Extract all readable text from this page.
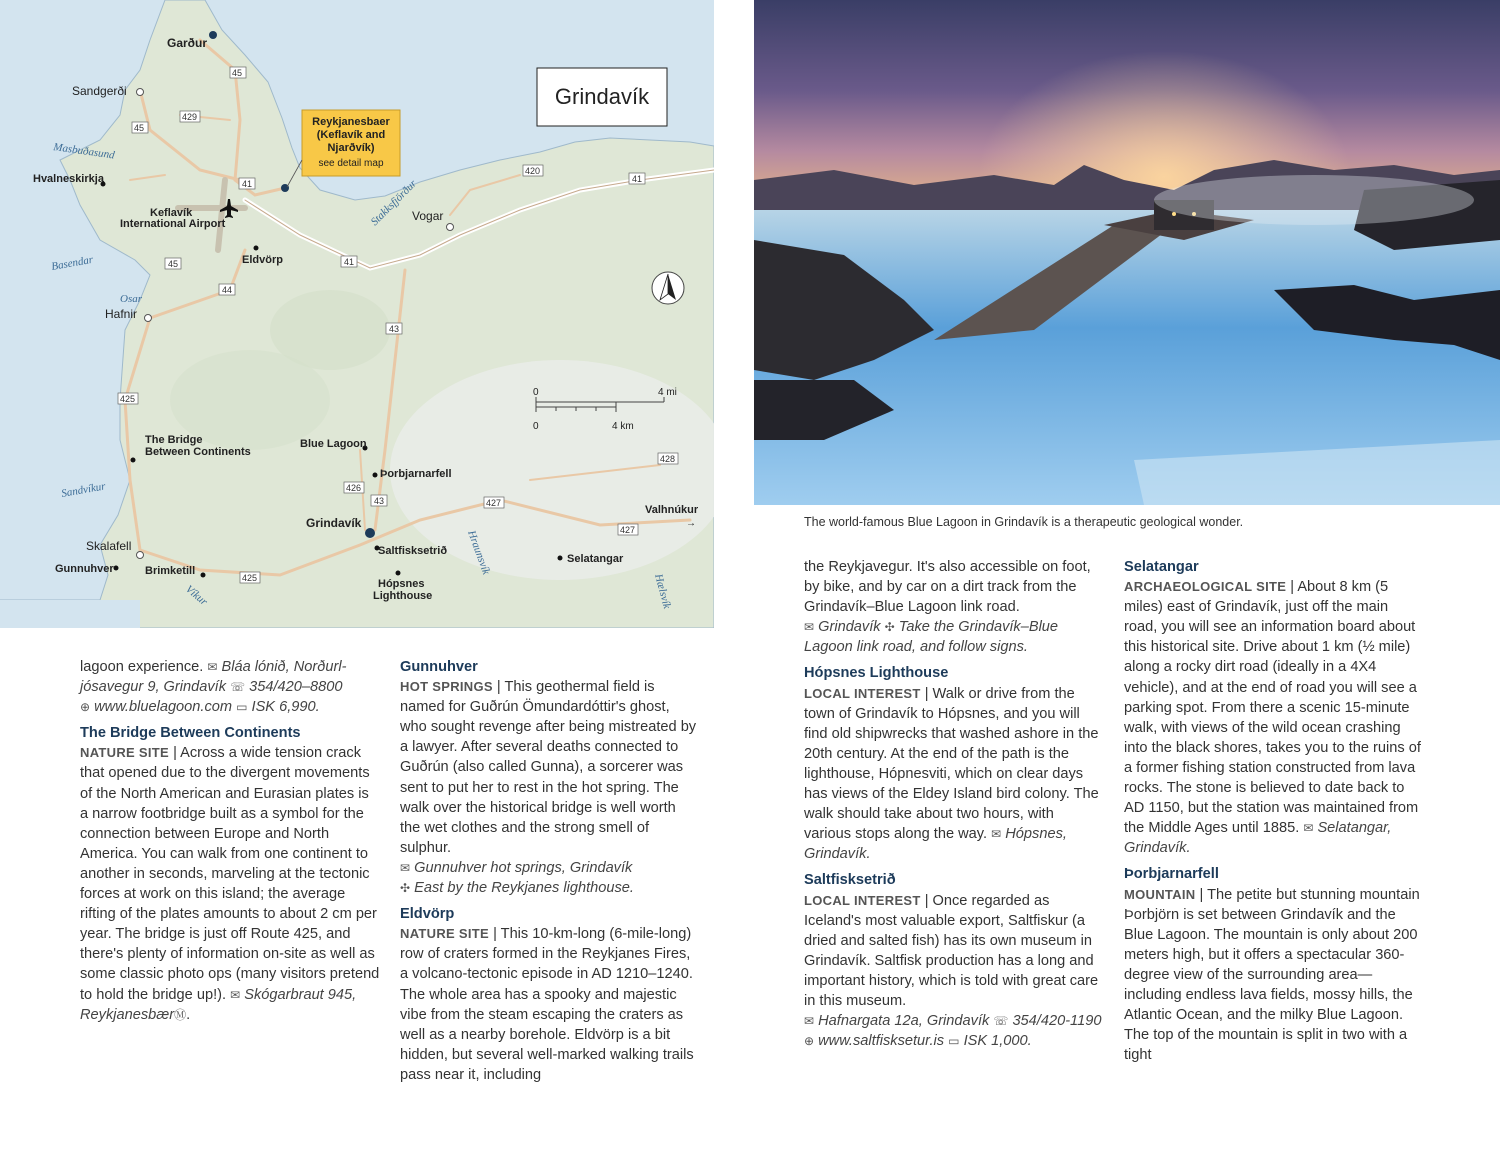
45
429
45
41
420
41
41
45
44
43
425
426
43
428
427
427
425
Garður
Sandgerði
Hvalneskirkja
Keflavík
International Airport
Eldvörp
Hafnir
Vogar
The Bridge
Between Continents
Blue Lagoon
Þorbjarnarfell
Grindavík
Saltfisksetrið
Hópsnes
Lighthouse
Skalafell
Gunnuhver	Brimketill
Selatangar
Valhnúkur
→
Masbuðasund
Basendar
Osar
Stakksfjörður
Sandvíkur
Víkur
Hraunsvík
Hælsvík
Reykjanesbaer
(Keflavík and
Njarðvík)
see detail map
Grindavík
0	4 mi
0	4 km
The world-famous Blue Lagoon in Grindavík is a therapeutic geological wonder.

lagoon experience. ✉ Bláa lónið, Norðurl-
jósavegur 9, Grindavík ☏ 354/420–8800
⊕ www.bluelagoon.com ▭ ISK 6,990.

The Bridge Between Continents

NATURE SITE | Across a wide tension crack that opened due to the divergent movements of the North American and Eurasian plates is a narrow footbridge built as a symbol for the connection between Europe and North America. You can walk from one continent to another in seconds, marveling at the tectonic forces at work on this island; the average rifting of the plates amounts to about 2 cm per year. The bridge is just off Route 425, and there's plenty of information on-site as well as some classic photo ops (many visitors pretend to hold the bridge up!). ✉ Skógarbraut 945, ReykjanesbærⓂ.

Gunnuhver

HOT SPRINGS | This geothermal field is named for Guðrún Ömundardóttir's ghost, who sought revenge after being mistreated by a lawyer. After several deaths connected to Guðrún (also called Gunna), a sorcerer was sent to put her to rest in the hot spring. The walk over the historical bridge is well worth the wet clothes and the strong smell of sulphur.
✉ Gunnuhver hot springs, Grindavík
✣ East by the Reykjanes lighthouse.

Eldvörp

NATURE SITE | This 10-km-long (6-mile-long) row of craters formed in the Reykjanes Fires, a volcano-tectonic episode in AD 1210–1240. The whole area has a spooky and majestic vibe from the steam escaping the craters as well as a nearby borehole. Eldvörp is a bit hidden, but several well-marked walking trails pass near it, including

the Reykjavegur. It's also accessible on foot, by bike, and by car on a dirt track from the Grindavík–Blue Lagoon link road.
✉ Grindavík ✣ Take the Grindavík–Blue Lagoon link road, and follow signs.

Hópsnes Lighthouse

LOCAL INTEREST | Walk or drive from the town of Grindavík to Hópsnes, and you will find old shipwrecks that washed ashore in the 20th century. At the end of the path is the lighthouse, Hópnesviti, which on clear days has views of the Eldey Island bird colony. The walk should take about two hours, with various stops along the way. ✉ Hópsnes, Grindavík.

Saltfisksetrið

LOCAL INTEREST | Once regarded as Iceland's most valuable export, Saltfiskur (a dried and salted fish) has its own museum in Grindavík. Saltfisk production has a long and important history, which is told with great care in this museum.
✉ Hafnargata 12a, Grindavík ☏ 354/420-1190 ⊕ www.saltfisksetur.is ▭ ISK 1,000.

Selatangar

ARCHAEOLOGICAL SITE | About 8 km (5 miles) east of Grindavík, just off the main road, you will see an information board about this historical site. Drive about 1 km (½ mile) along a rocky dirt road (ideally in a 4X4 vehicle), and at the end of road you will see a parking spot. From there a scenic 15-minute walk, with views of the wild ocean crashing into the black shores, takes you to the ruins of a former fishing station constructed from lava rocks. The stone is believed to date back to AD 1150, but the station was maintained from the Middle Ages until 1885. ✉ Selatangar, Grindavík.

Þorbjarnarfell

MOUNTAIN | The petite but stunning mountain Þorbjörn is set between Grindavík and the Blue Lagoon. The mountain is only about 200 meters high, but it offers a spectacular 360-degree view of the surrounding area—including endless lava fields, mossy hills, the Atlantic Ocean, and the milky Blue Lagoon. The top of the mountain is split in two with a tight
